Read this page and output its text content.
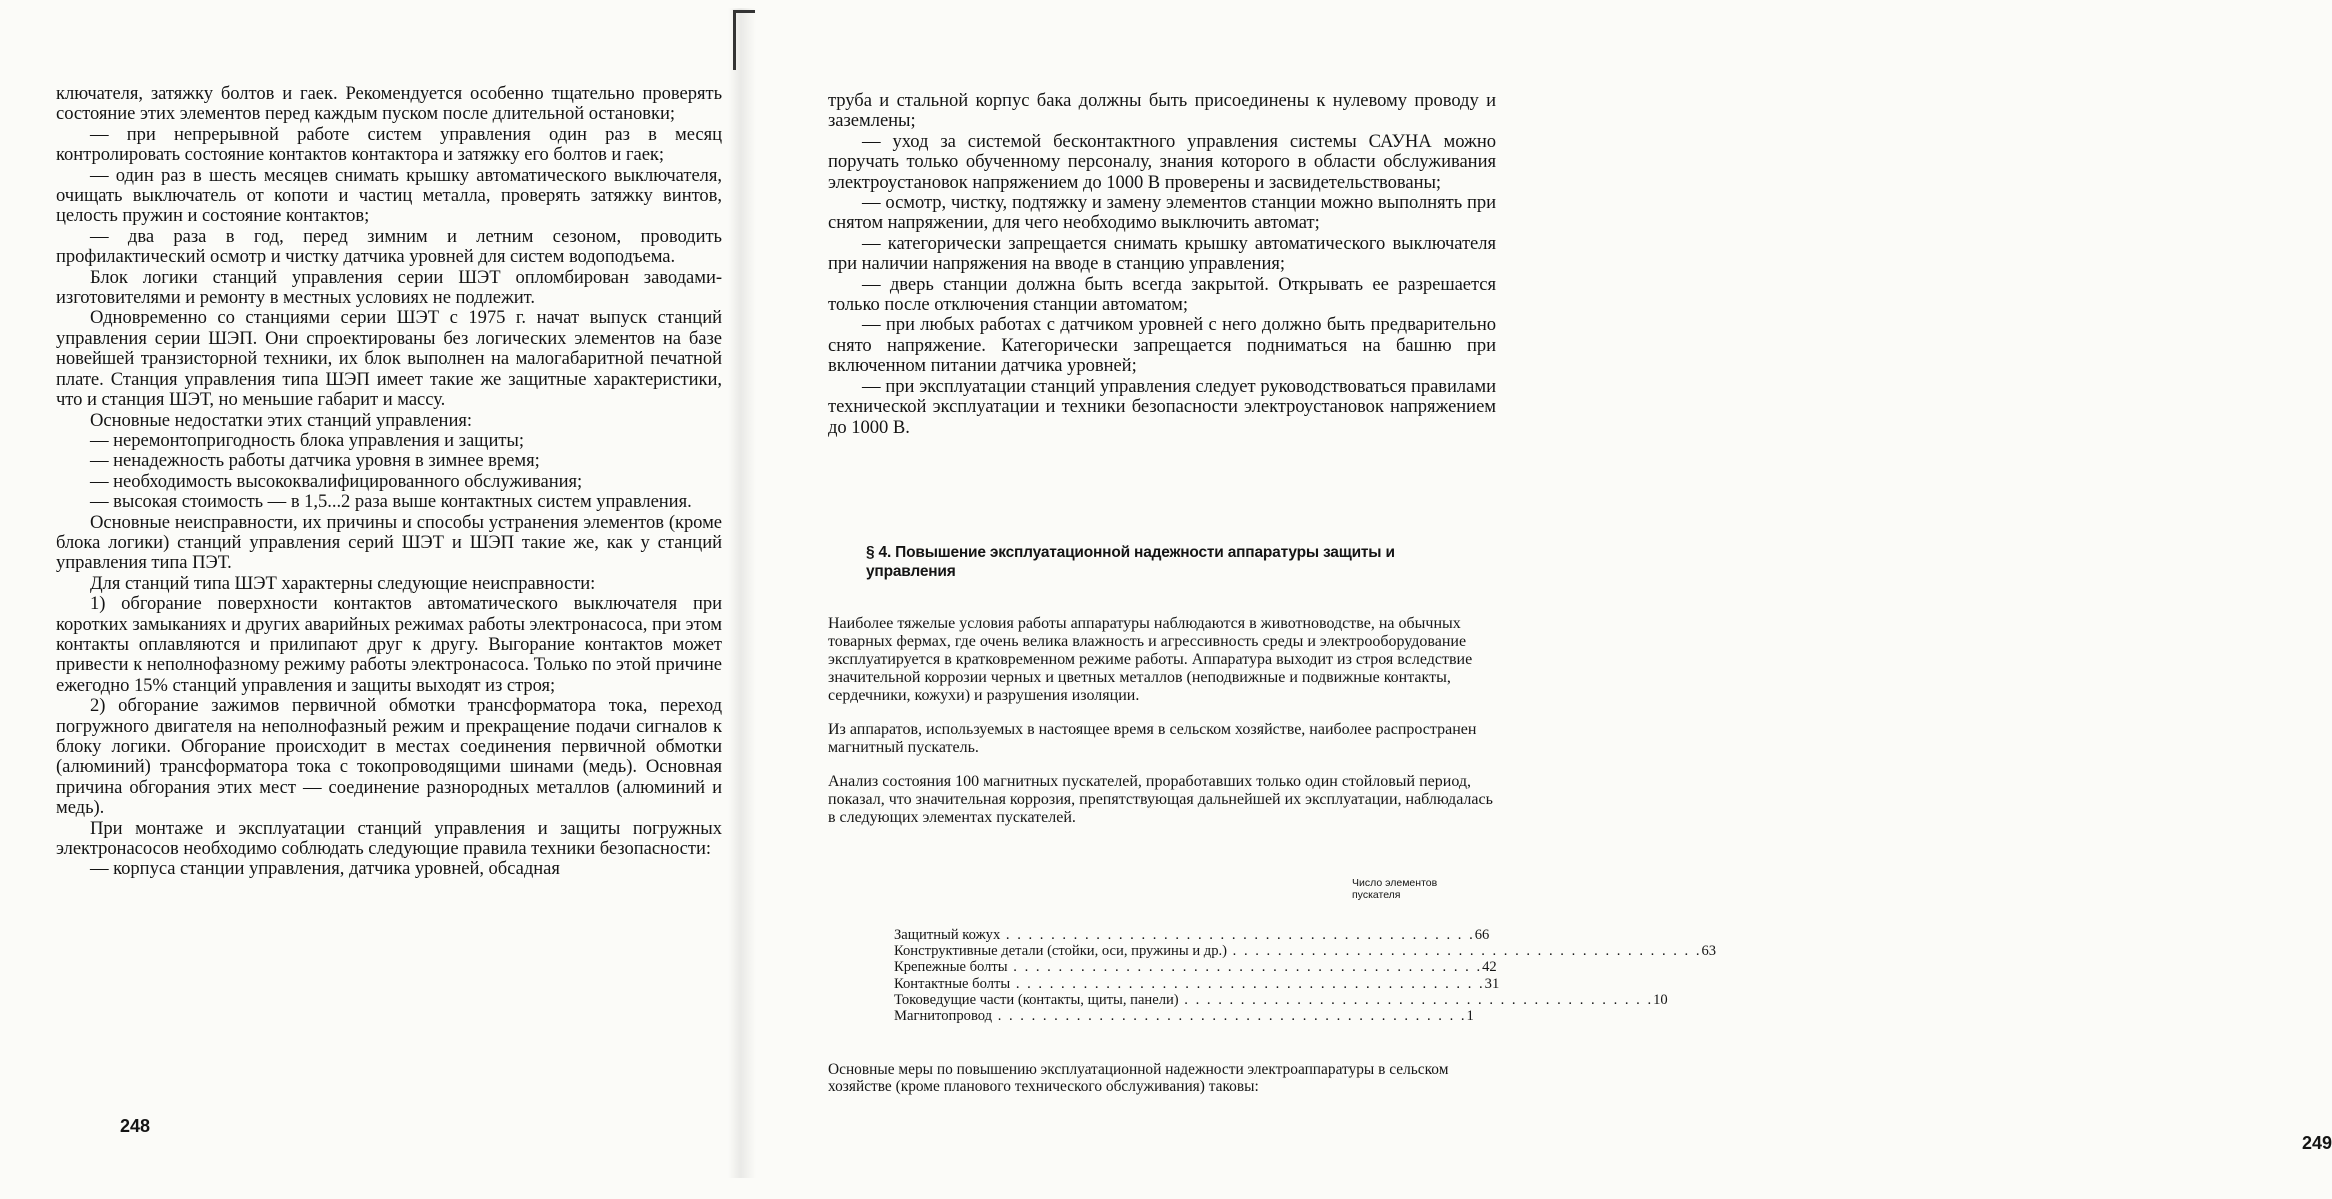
ключателя, затяжку болтов и гаек. Рекомендуется особенно тщательно проверять состояние этих элементов перед каждым пуском после длительной остановки;

— при непрерывной работе систем управления один раз в месяц контролировать состояние контактов контактора и затяжку его болтов и гаек;

— один раз в шесть месяцев снимать крышку автоматического выключателя, очищать выключатель от копоти и частиц металла, проверять затяжку винтов, целость пружин и состояние контактов;

— два раза в год, перед зимним и летним сезоном, проводить профилактический осмотр и чистку датчика уровней для систем водоподъема.

Блок логики станций управления серии ШЭТ опломбирован заводами-изготовителями и ремонту в местных условиях не подлежит.

Одновременно со станциями серии ШЭТ с 1975 г. начат выпуск станций управления серии ШЭП. Они спроектированы без логических элементов на базе новейшей транзисторной техники, их блок выполнен на малогабаритной печатной плате. Станция управления типа ШЭП имеет такие же защитные характеристики, что и станция ШЭТ, но меньшие габарит и массу.

Основные недостатки этих станций управления:

— неремонтопригодность блока управления и защиты;

— ненадежность работы датчика уровня в зимнее время;

— необходимость высококвалифицированного обслуживания;

— высокая стоимость — в 1,5...2 раза выше контактных систем управления.

Основные неисправности, их причины и способы устранения элементов (кроме блока логики) станций управления серий ШЭТ и ШЭП такие же, как у станций управления типа ПЭТ.

Для станций типа ШЭТ характерны следующие неисправности:

1) обгорание поверхности контактов автоматического выключателя при коротких замыканиях и других аварийных режимах работы электронасоса, при этом контакты оплавляются и прилипают друг к другу. Выгорание контактов может привести к неполнофазному режиму работы электронасоса. Только по этой причине ежегодно 15% станций управления и защиты выходят из строя;

2) обгорание зажимов первичной обмотки трансформатора тока, переход погружного двигателя на неполнофазный режим и прекращение подачи сигналов к блоку логики. Обгорание происходит в местах соединения первичной обмотки (алюминий) трансформатора тока с токопроводящими шинами (медь). Основная причина обгорания этих мест — соединение разнородных металлов (алюминий и медь).

При монтаже и эксплуатации станций управления и защиты погружных электронасосов необходимо соблюдать следующие правила техники безопасности:

— корпуса станции управления, датчика уровней, обсадная

248

труба и стальной корпус бака должны быть присоединены к нулевому проводу и заземлены;

— уход за системой бесконтактного управления системы САУНА можно поручать только обученному персоналу, знания которого в области обслуживания электроустановок напряжением до 1000 В проверены и засвидетельствованы;

— осмотр, чистку, подтяжку и замену элементов станции можно выполнять при снятом напряжении, для чего необходимо выключить автомат;

— категорически запрещается снимать крышку автоматического выключателя при наличии напряжения на вводе в станцию управления;

— дверь станции должна быть всегда закрытой. Открывать ее разрешается только после отключения станции автоматом;

— при любых работах с датчиком уровней с него должно быть предварительно снято напряжение. Категорически запрещается подниматься на башню при включенном питании датчика уровней;

— при эксплуатации станций управления следует руководствоваться правилами технической эксплуатации и техники безопасности электроустановок напряжением до 1000 В.

§ 4. Повышение эксплуатационной надежности аппаратуры защиты и управления

Наиболее тяжелые условия работы аппаратуры наблюдаются в животноводстве, на обычных товарных фермах, где очень велика влажность и агрессивность среды и электрооборудование эксплуатируется в кратковременном режиме работы. Аппаратура выходит из строя вследствие значительной коррозии черных и цветных металлов (неподвижные и подвижные контакты, сердечники, кожухи) и разрушения изоляции.

Из аппаратов, используемых в настоящее время в сельском хозяйстве, наиболее распространен магнитный пускатель.

Анализ состояния 100 магнитных пускателей, проработавших только один стойловый период, показал, что значительная коррозия, препятствующая дальнейшей их эксплуатации, наблюдалась в следующих элементах пускателей.

Число элементов пускателя
Защитный кожух . . .	66
Конструктивные детали (стойки, оси, пружины и др.) . . .	63
Крепежные болты . . .	42
Контактные болты . . .	31
Токоведущие части (контакты, щиты, панели) . . .	10
Магнитопровод . . .	1

Основные меры по повышению эксплуатационной надежности электроаппаратуры в сельском хозяйстве (кроме планового технического обслуживания) таковы:

249
